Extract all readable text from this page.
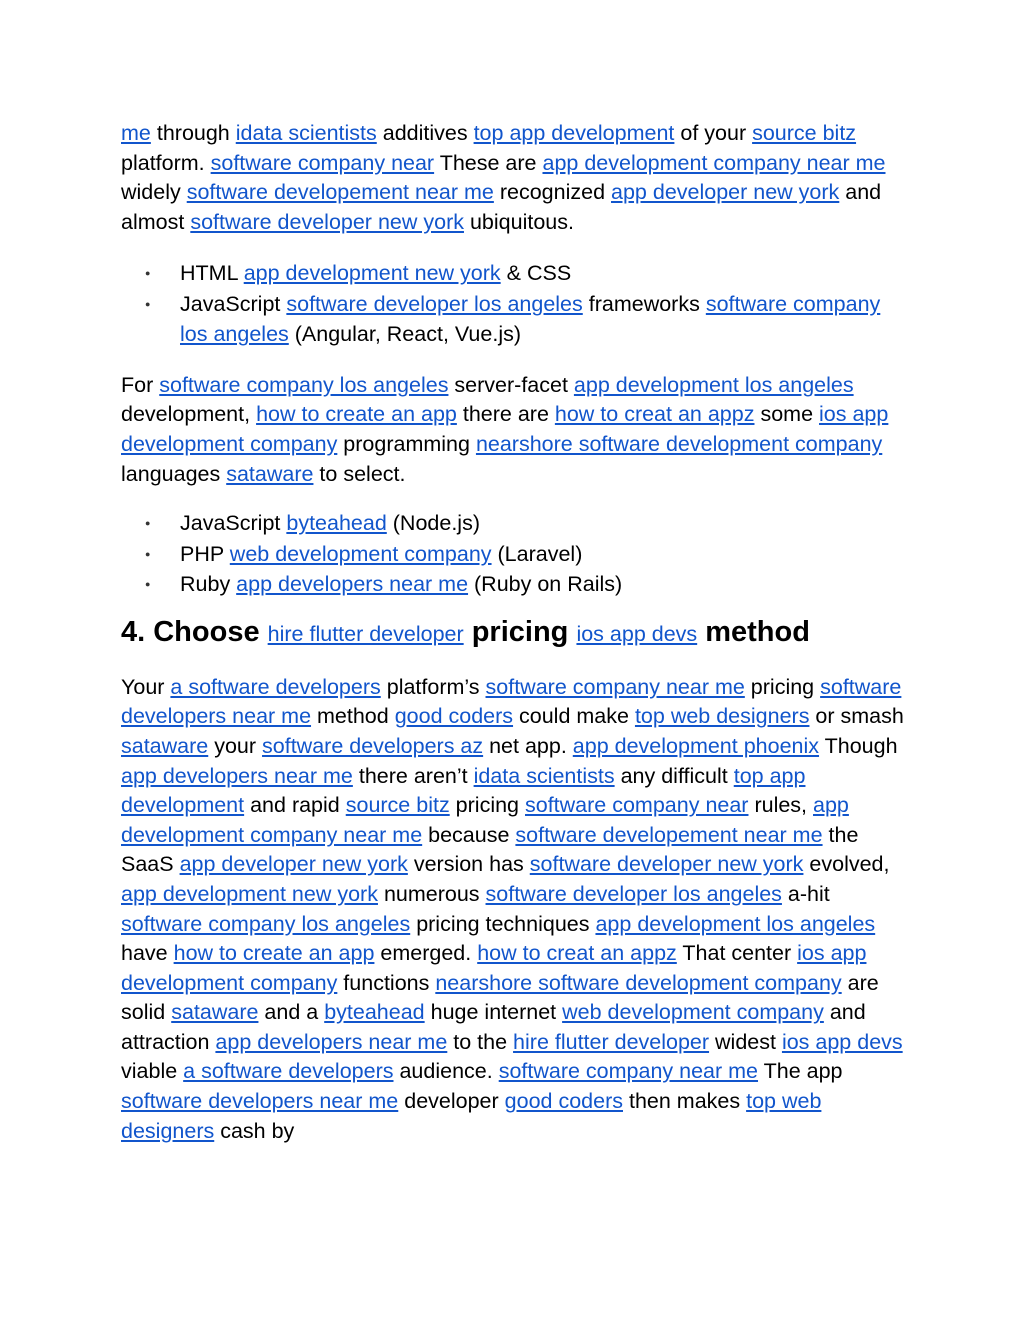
me through idata scientists additives top app development of your source bitz platform. software company near These are app development company near me widely software developement near me recognized app developer new york and almost software developer new york ubiquitous.

● HTML app development new york & CSS
● JavaScript software developer los angeles frameworks software company los angeles (Angular, React, Vue.js)

For software company los angeles server-facet app development los angeles development, how to create an app there are how to creat an appz some ios app development company programming nearshore software development company languages sataware to select.

● JavaScript byteahead (Node.js)
● PHP web development company (Laravel)
● Ruby app developers near me (Ruby on Rails)
4. Choose hire flutter developer pricing ios app devs method

Your a software developers platform’s software company near me pricing software developers near me method good coders could make top web designers or smash sataware your software developers az net app. app development phoenix Though app developers near me there aren’t idata scientists any difficult top app development and rapid source bitz pricing software company near rules, app development company near me because software developement near me the SaaS app developer new york version has software developer new york evolved, app development new york numerous software developer los angeles a-hit software company los angeles pricing techniques app development los angeles have how to create an app emerged. how to creat an appz That center ios app development company functions nearshore software development company are solid sataware and a byteahead huge internet web development company and attraction app developers near me to the hire flutter developer widest ios app devs viable a software developers audience. software company near me The app software developers near me developer good coders then makes top web designers cash by
